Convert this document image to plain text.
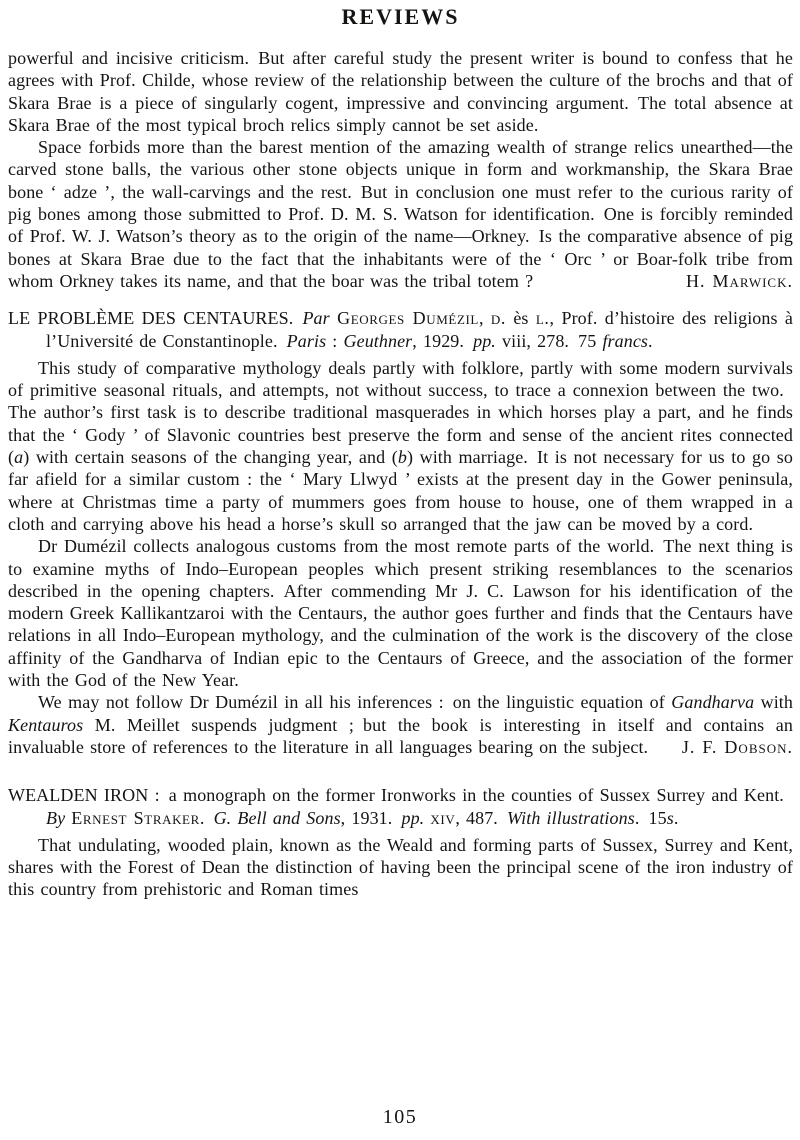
REVIEWS

powerful and incisive criticism. But after careful study the present writer is bound to confess that he agrees with Prof. Childe, whose review of the relationship between the culture of the brochs and that of Skara Brae is a piece of singularly cogent, impressive and convincing argument. The total absence at Skara Brae of the most typical broch relics simply cannot be set aside.

Space forbids more than the barest mention of the amazing wealth of strange relics unearthed—the carved stone balls, the various other stone objects unique in form and workmanship, the Skara Brae bone ‘ adze ’, the wall-carvings and the rest. But in conclusion one must refer to the curious rarity of pig bones among those submitted to Prof. D. M. S. Watson for identification. One is forcibly reminded of Prof. W. J. Watson’s theory as to the origin of the name—Orkney. Is the comparative absence of pig bones at Skara Brae due to the fact that the inhabitants were of the ‘ Orc ’ or Boar-folk tribe from whom Orkney takes its name, and that the boar was the tribal totem ?	H. Marwick.

LE PROBLÈME DES CENTAURES. Par Georges Dumézil, d. ès l., Prof. d’histoire des religions à l’Université de Constantinople. Paris : Geuthner, 1929. pp. viii, 278. 75 francs.

This study of comparative mythology deals partly with folklore, partly with some modern survivals of primitive seasonal rituals, and attempts, not without success, to trace a connexion between the two. The author’s first task is to describe traditional masquerades in which horses play a part, and he finds that the ‘ Gody ’ of Slavonic countries best preserve the form and sense of the ancient rites connected (a) with certain seasons of the changing year, and (b) with marriage. It is not necessary for us to go so far afield for a similar custom : the ‘ Mary Llwyd ’ exists at the present day in the Gower peninsula, where at Christmas time a party of mummers goes from house to house, one of them wrapped in a cloth and carrying above his head a horse’s skull so arranged that the jaw can be moved by a cord.

Dr Dumézil collects analogous customs from the most remote parts of the world. The next thing is to examine myths of Indo–European peoples which present striking resemblances to the scenarios described in the opening chapters. After commending Mr J. C. Lawson for his identification of the modern Greek Kallikantzaroi with the Centaurs, the author goes further and finds that the Centaurs have relations in all Indo–European mythology, and the culmination of the work is the discovery of the close affinity of the Gandharva of Indian epic to the Centaurs of Greece, and the association of the former with the God of the New Year.

We may not follow Dr Dumézil in all his inferences : on the linguistic equation of Gandharva with Kentauros M. Meillet suspends judgment ; but the book is interesting in itself and contains an invaluable store of references to the literature in all languages bearing on the subject.	J. F. Dobson.

WEALDEN IRON : a monograph on the former Ironworks in the counties of Sussex Surrey and Kent. By Ernest Straker. G. Bell and Sons, 1931. pp. xiv, 487. With illustrations. 15s.

That undulating, wooded plain, known as the Weald and forming parts of Sussex, Surrey and Kent, shares with the Forest of Dean the distinction of having been the principal scene of the iron industry of this country from prehistoric and Roman times

105
